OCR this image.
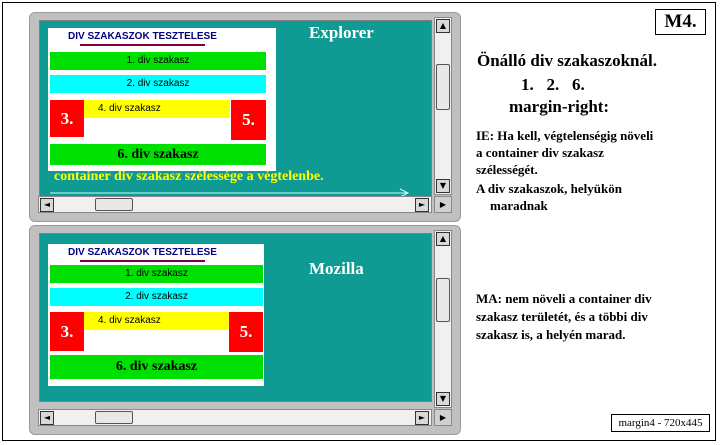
M4.
DIV SZAKASZOK TESZTELESE	Explorer
1. div szakasz
2. div szakasz
3.	4. div szakasz
5.
6. div szakasz
container div szakasz szélessége a végtelenbe.
▲
▼
◄	►	▶
DIV SZAKASZOK TESZTELESE
Mozilla
1. div szakasz
2. div szakasz
3.
4. div szakasz
5.
6. div szakasz
▲
▼
◄	►	▶
Önálló div szakaszoknál.
1.   2.   6.
margin-right:
IE: Ha kell, végtelenségig növeli
a container div szakasz
szélességét.
A div szakaszok, helyükön
maradnak
MA: nem növeli a container div
szakasz területét, és a többi div
szakasz is, a helyén marad.
margin4 - 720x445
